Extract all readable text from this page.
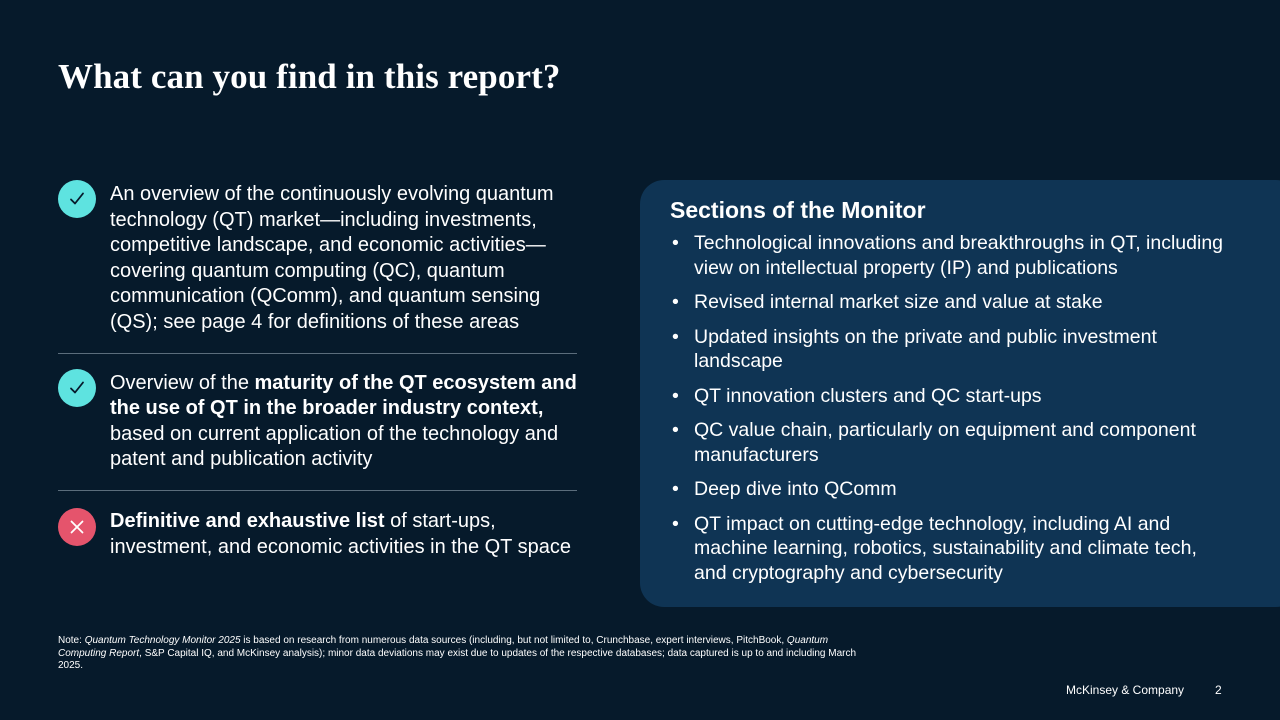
What can you find in this report?
An overview of the continuously evolving quantum technology (QT) market—including investments, competitive landscape, and economic activities—covering quantum computing (QC), quantum communication (QComm), and quantum sensing (QS); see page 4 for definitions of these areas
Overview of the maturity of the QT ecosystem and the use of QT in the broader industry context, based on current application of the technology and patent and publication activity
Definitive and exhaustive list of start-ups, investment, and economic activities in the QT space
Sections of the Monitor
• Technological innovations and breakthroughs in QT, including view on intellectual property (IP) and publications
• Revised internal market size and value at stake
• Updated insights on the private and public investment landscape
• QT innovation clusters and QC start-ups
• QC value chain, particularly on equipment and component manufacturers
• Deep dive into QComm
• QT impact on cutting-edge technology, including AI and machine learning, robotics, sustainability and climate tech, and cryptography and cybersecurity
Note: Quantum Technology Monitor 2025 is based on research from numerous data sources (including, but not limited to, Crunchbase, expert interviews, PitchBook, Quantum Computing Report, S&P Capital IQ, and McKinsey analysis); minor data deviations may exist due to updates of the respective databases; data captured is up to and including March 2025.
McKinsey & Company	2
